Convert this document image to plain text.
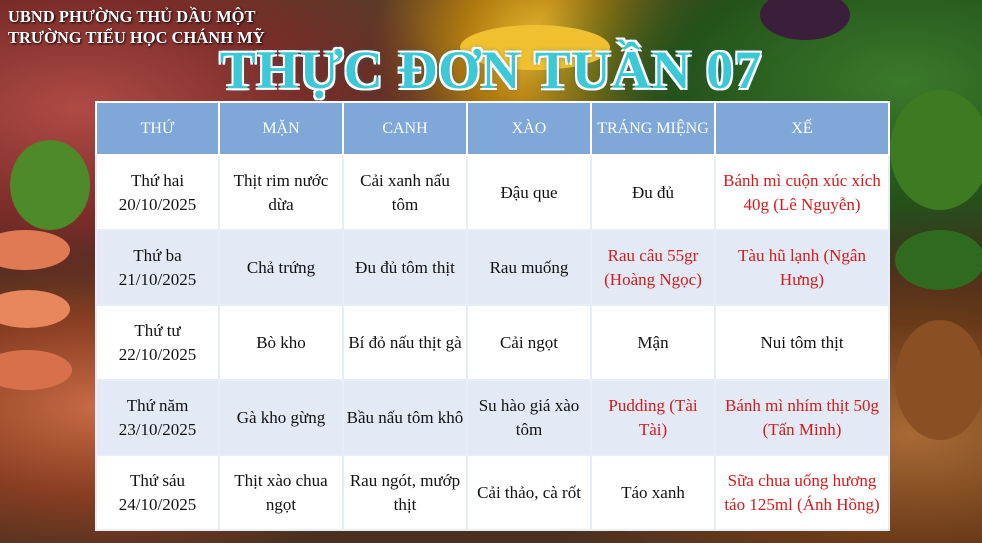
UBND PHƯỜNG THỦ DẦU MỘT
TRƯỜNG TIỂU HỌC CHÁNH MỸ
THỰC ĐƠN TUẦN 07
THỨ	MẶN	CANH	XÀO	TRÁNG MIỆNG	XẾ
Thứ hai 20/10/2025	Thịt rim nước dừa	Cải xanh nấu tôm	Đậu que	Đu đủ	Bánh mì cuộn xúc xích 40g (Lê Nguyễn)
Thứ ba 21/10/2025	Chả trứng	Đu đủ tôm thịt	Rau muống	Rau câu 55gr (Hoàng Ngọc)	Tàu hũ lạnh (Ngân Hưng)
Thứ tư 22/10/2025	Bò kho	Bí đỏ nấu thịt gà	Cải ngọt	Mận	Nui tôm thịt
Thứ năm 23/10/2025	Gà kho gừng	Bầu nấu tôm khô	Su hào giá xào tôm	Pudding (Tài Tài)	Bánh mì nhím thịt 50g (Tấn Minh)
Thứ sáu 24/10/2025	Thịt xào chua ngọt	Rau ngót, mướp thịt	Cải thảo, cà rốt	Táo xanh	Sữa chua uống hương táo 125ml (Ánh Hồng)
